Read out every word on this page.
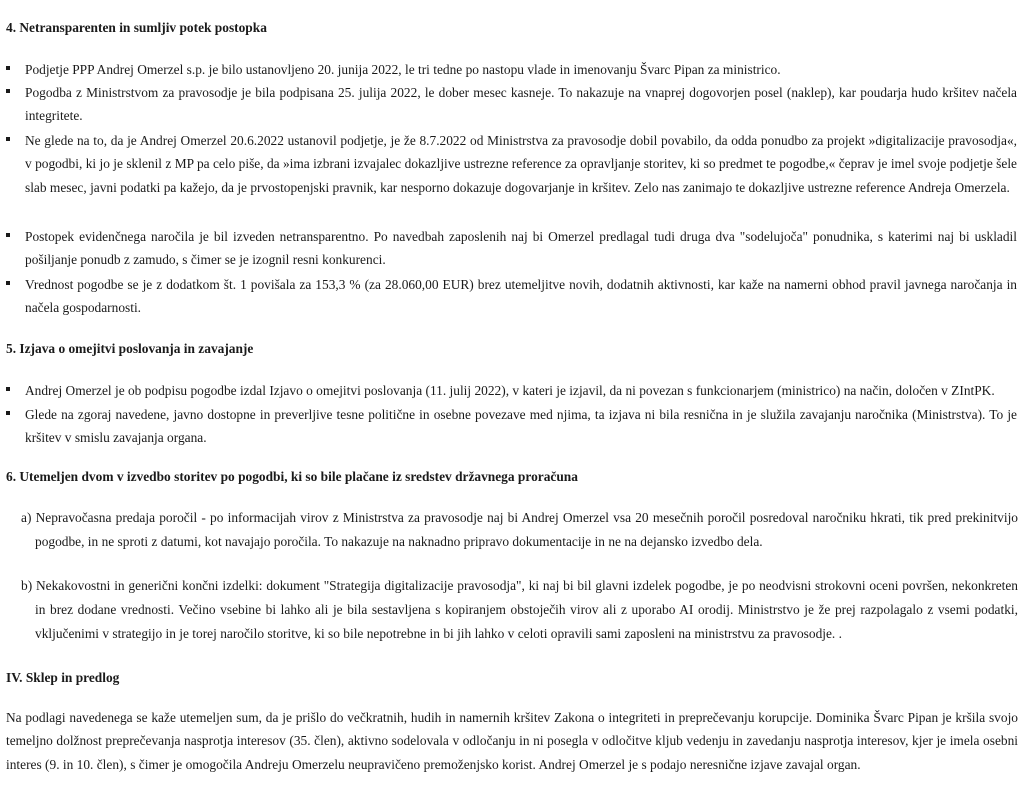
4. Netransparenten in sumljiv potek postopka
Podjetje PPP Andrej Omerzel s.p. je bilo ustanovljeno 20. junija 2022, le tri tedne po nastopu vlade in imenovanju Švarc Pipan za ministrico.
Pogodba z Ministrstvom za pravosodje je bila podpisana 25. julija 2022, le dober mesec kasneje. To nakazuje na vnaprej dogovorjen posel (naklep), kar poudarja hudo kršitev načela integritete.
Ne glede na to, da je Andrej Omerzel 20.6.2022 ustanovil podjetje, je že 8.7.2022 od Ministrstva za pravosodje dobil povabilo, da odda ponudbo za projekt »digitalizacije pravosodja«, v pogodbi, ki jo je sklenil z MP pa celo piše, da »ima izbrani izvajalec dokazljive ustrezne reference za opravljanje storitev, ki so predmet te pogodbe,« čeprav je imel svoje podjetje šele slab mesec, javni podatki pa kažejo, da je prvostopenjski pravnik, kar nesporno dokazuje dogovarjanje in kršitev. Zelo nas zanimajo te dokazljive ustrezne reference Andreja Omerzela.
Postopek evidenčnega naročila je bil izveden netransparentno. Po navedbah zaposlenih naj bi Omerzel predlagal tudi druga dva "sodelujoča" ponudnika, s katerimi naj bi uskladil pošiljanje ponudb z zamudo, s čimer se je izognil resni konkurenci.
Vrednost pogodbe se je z dodatkom št. 1 povišala za 153,3 % (za 28.060,00 EUR) brez utemeljitve novih, dodatnih aktivnosti, kar kaže na namerni obhod pravil javnega naročanja in načela gospodarnosti.
5. Izjava o omejitvi poslovanja in zavajanje
Andrej Omerzel je ob podpisu pogodbe izdal Izjavo o omejitvi poslovanja (11. julij 2022), v kateri je izjavil, da ni povezan s funkcionarjem (ministrico) na način, določen v ZIntPK.
Glede na zgoraj navedene, javno dostopne in preverljive tesne politične in osebne povezave med njima, ta izjava ni bila resnična in je služila zavajanju naročnika (Ministrstva). To je kršitev v smislu zavajanja organa.
6. Utemeljen dvom v izvedbo storitev po pogodbi, ki so bile plačane iz sredstev državnega proračuna
a) Nepravočasna predaja poročil - po informacijah virov z Ministrstva za pravosodje naj bi Andrej Omerzel vsa 20 mesečnih poročil posredoval naročniku hkrati, tik pred prekinitvijo pogodbe, in ne sproti z datumi, kot navajajo poročila. To nakazuje na naknadno pripravo dokumentacije in ne na dejansko izvedbo dela.
b) Nekakovostni in generični končni izdelki: dokument "Strategija digitalizacije pravosodja", ki naj bi bil glavni izdelek pogodbe, je po neodvisni strokovni oceni površen, nekonkreten in brez dodane vrednosti. Večino vsebine bi lahko ali je bila sestavljena s kopiranjem obstoječih virov ali z uporabo AI orodij. Ministrstvo je že prej razpolagalo z vsemi podatki, vključenimi v strategijo in je torej naročilo storitve, ki so bile nepotrebne in bi jih lahko v celoti opravili sami zaposleni na ministrstvu za pravosodje. .
IV. Sklep in predlog
Na podlagi navedenega se kaže utemeljen sum, da je prišlo do večkratnih, hudih in namernih kršitev Zakona o integriteti in preprečevanju korupcije. Dominika Švarc Pipan je kršila svojo temeljno dolžnost preprečevanja nasprotja interesov (35. člen), aktivno sodelovala v odločanju in ni posegla v odločitve kljub vedenju in zavedanju nasprotja interesov, kjer je imela osebni interes (9. in 10. člen), s čimer je omogočila Andreju Omerzelu neupravičeno premoženjsko korist. Andrej Omerzel je s podajo neresnične izjave zavajal organ.
